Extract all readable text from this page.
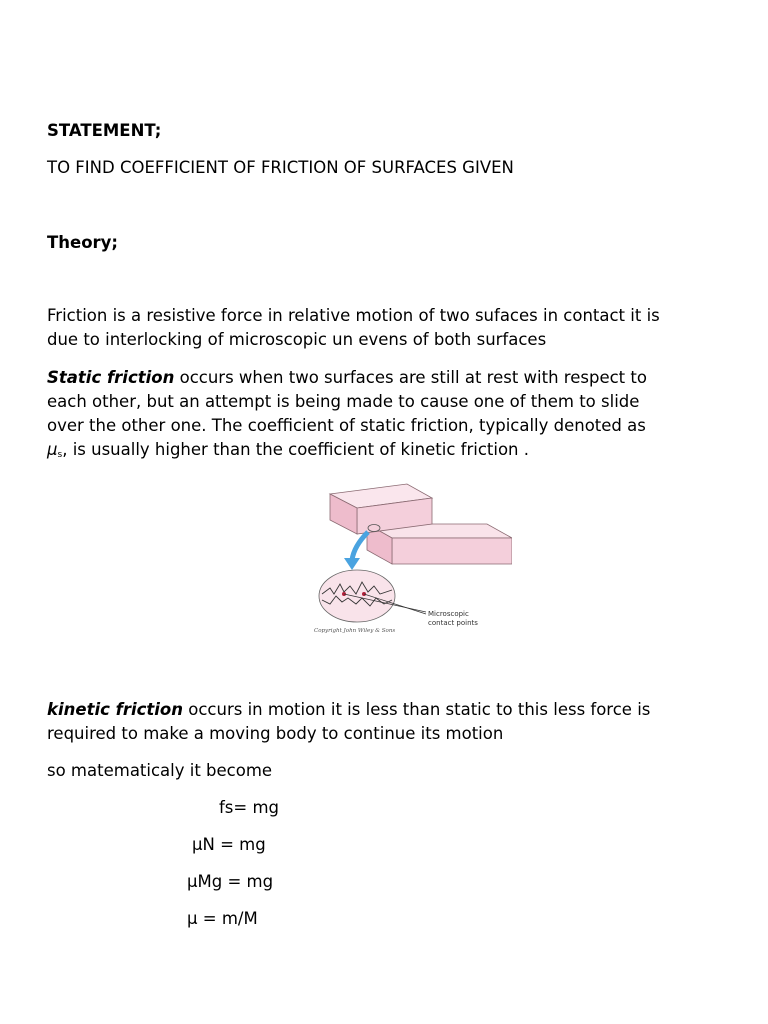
STATEMENT;
TO FIND COEFFICIENT OF FRICTION OF SURFACES GIVEN
Theory;
Friction is a resistive force in relative motion of two sufaces in contact it is
due to interlocking of microscopic un evens of both surfaces
Static friction occurs when two surfaces are still at rest with respect to
each other, but an attempt is being made to cause one of them to slide
over the other one. The coefficient of static friction, typically denoted as
$\mu_s$, is usually higher than the coefficient of kinetic friction .
Microscopic
contact points
Copyright John Wiley & Sons
kinetic friction occurs in motion it is less than static to this less force is
required to make a moving body to continue its motion
so matematicaly it become
fs= mg
μN = mg
μMg = mg
μ = m/M
